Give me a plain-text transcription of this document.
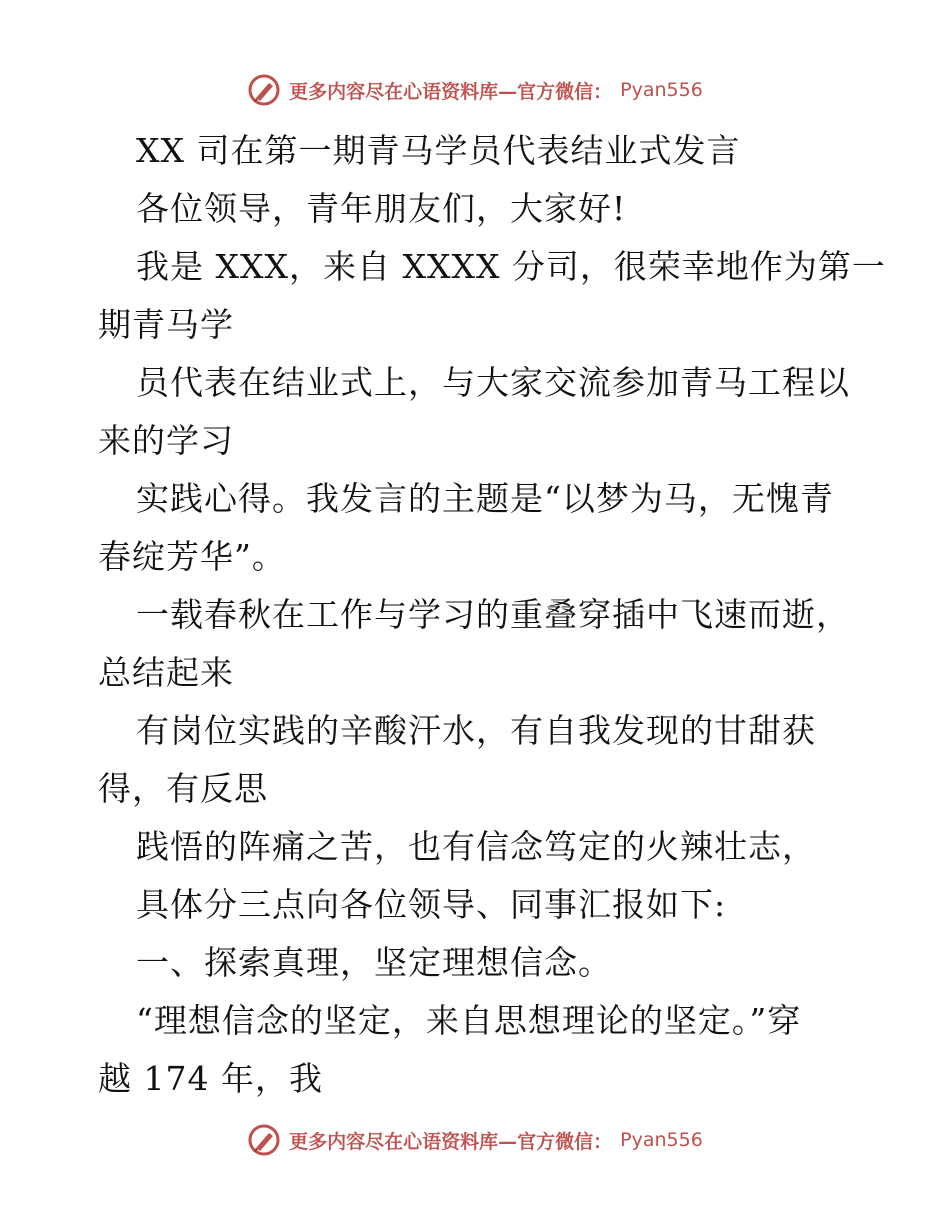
更多内容尽在心语资料库—官方微信： Pyan556
XX 司在第一期青马学员代表结业式发言
各位领导，青年朋友们，大家好!
我是 XXX，来自 XXXX 分司，很荣幸地作为第一
期青马学
员代表在结业式上，与大家交流参加青马工程以
来的学习
实践心得。我发言的主题是“以梦为马，无愧青
春绽芳华”。
一载春秋在工作与学习的重叠穿插中飞速而逝，
总结起来
有岗位实践的辛酸汗水，有自我发现的甘甜获
得，有反思
践悟的阵痛之苦，也有信念笃定的火辣壮志，
具体分三点向各位领导、同事汇报如下:
一、探索真理，坚定理想信念。
“理想信念的坚定，来自思想理论的坚定。”穿
越 174 年，我
更多内容尽在心语资料库—官方微信： Pyan556
